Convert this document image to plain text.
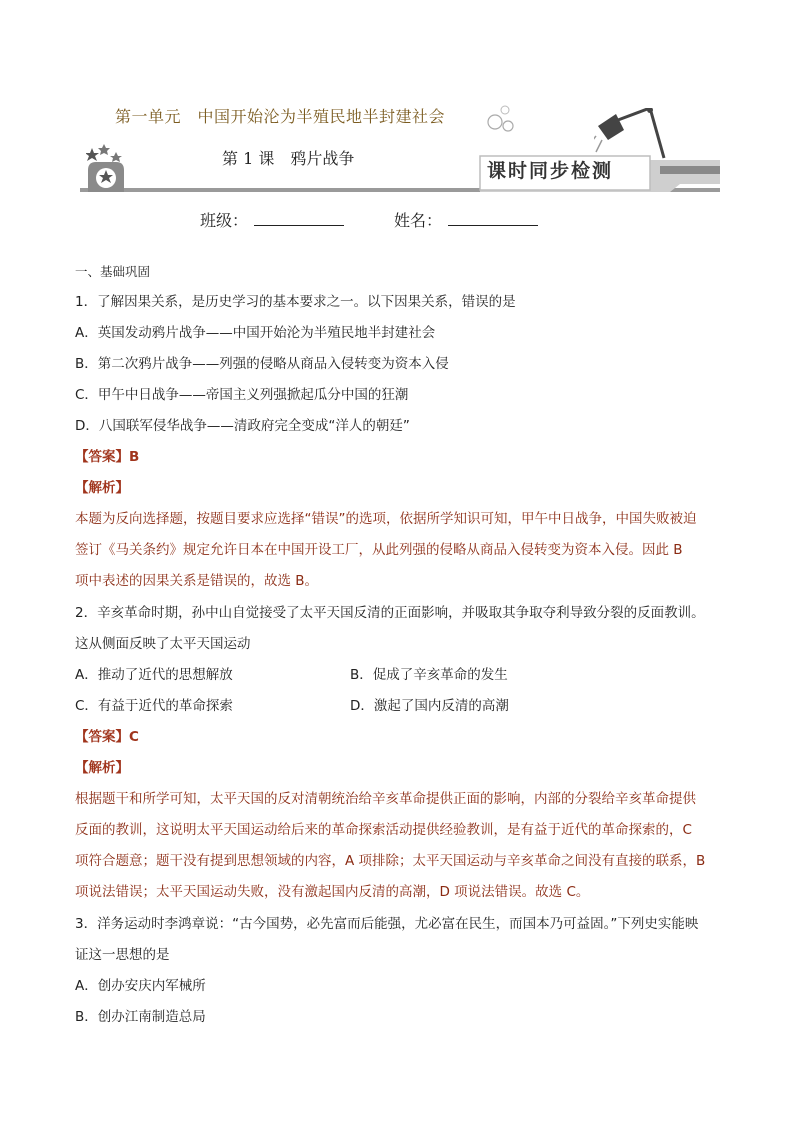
第一单元　中国开始沦为半殖民地半封建社会
第 1 课　鸦片战争
课时同步检测
班级：	姓名：
一、基础巩固
1．了解因果关系，是历史学习的基本要求之一。以下因果关系，错误的是
A．英国发动鸦片战争——中国开始沦为半殖民地半封建社会
B．第二次鸦片战争——列强的侵略从商品入侵转变为资本入侵
C．甲午中日战争——帝国主义列强掀起瓜分中国的狂潮
D．八国联军侵华战争——清政府完全变成“洋人的朝廷”
【答案】B
【解析】
本题为反向选择题，按题目要求应选择“错误”的选项，依据所学知识可知，甲午中日战争，中国失败被迫
签订《马关条约》规定允许日本在中国开设工厂，从此列强的侵略从商品入侵转变为资本入侵。因此 B
项中表述的因果关系是错误的，故选 B。
2．辛亥革命时期，孙中山自觉接受了太平天国反清的正面影响，并吸取其争取夺利导致分裂的反面教训。
这从侧面反映了太平天国运动
A．推动了近代的思想解放	B．促成了辛亥革命的发生
C．有益于近代的革命探索	D．激起了国内反清的高潮
【答案】C
【解析】
根据题干和所学可知，太平天国的反对清朝统治给辛亥革命提供正面的影响，内部的分裂给辛亥革命提供
反面的教训，这说明太平天国运动给后来的革命探索活动提供经验教训，是有益于近代的革命探索的，C
项符合题意；题干没有提到思想领域的内容，A 项排除；太平天国运动与辛亥革命之间没有直接的联系，B
项说法错误；太平天国运动失败，没有激起国内反清的高潮，D 项说法错误。故选 C。
3．洋务运动时李鸿章说：“古今国势，必先富而后能强，尤必富在民生，而国本乃可益固。”下列史实能映
证这一思想的是
A．创办安庆内军械所
B．创办江南制造总局
